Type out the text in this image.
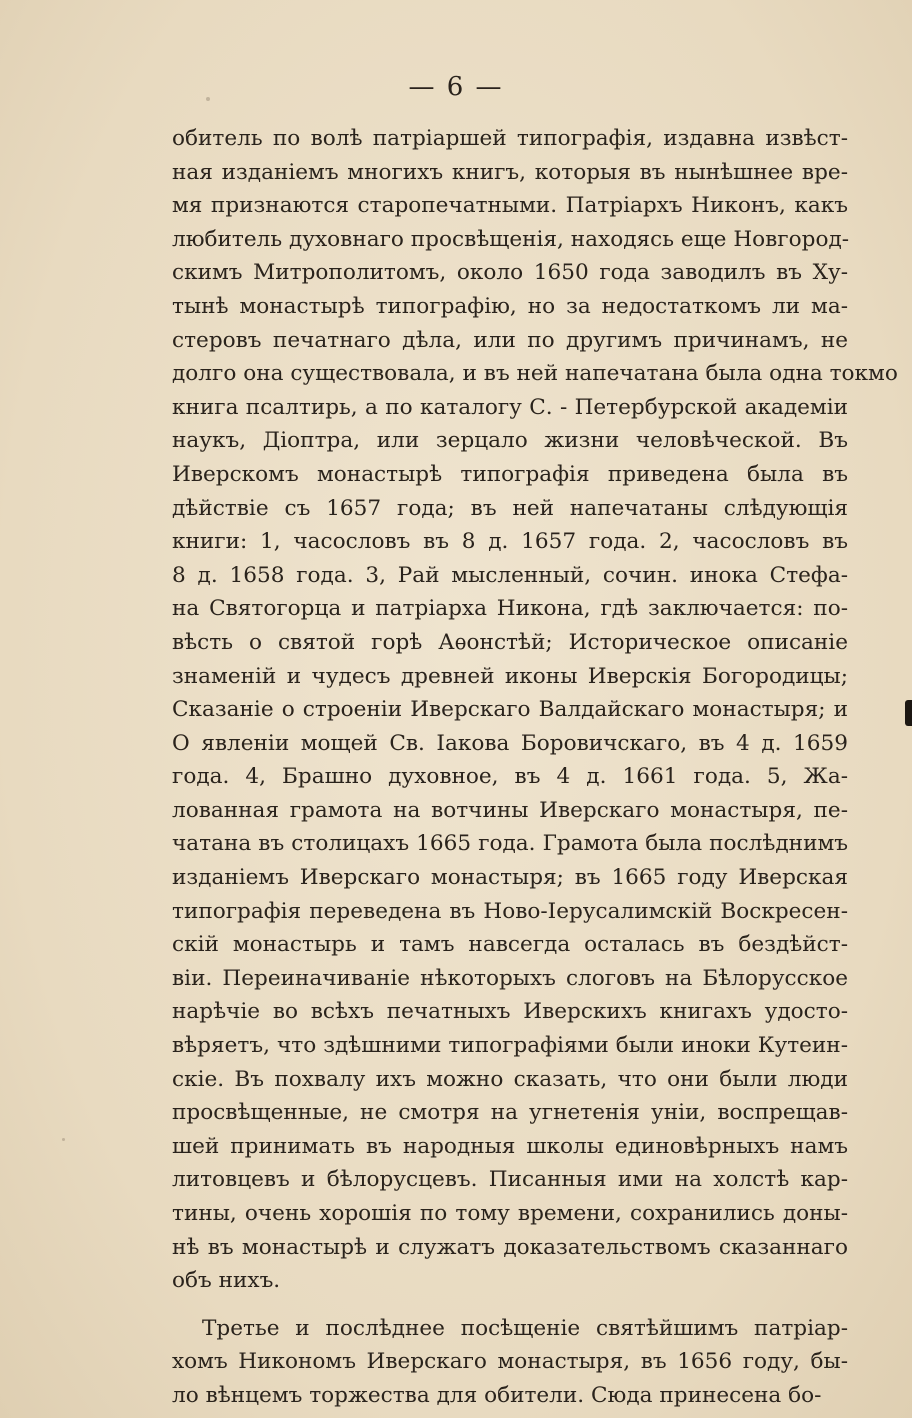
— 6 —
обитель по волѣ патріаршей типографія, издавна извѣст-
ная изданіемъ многихъ книгъ, которыя въ нынѣшнее вре-
мя признаются старопечатными. Патріархъ Никонъ, какъ
любитель духовнаго просвѣщенія, находясь еще Новгород-
скимъ Митрополитомъ, около 1650 года заводилъ въ Ху-
тынѣ монастырѣ типографію, но за недостаткомъ ли ма-
стеровъ печатнаго дѣла, или по другимъ причинамъ, не
долго она существовала, и въ ней напечатана была одна токмо
книга псалтирь, а по каталогу С. - Петербурской академіи
наукъ, Діоптра, или зерцало жизни человѣческой. Въ
Иверскомъ монастырѣ типографія приведена была въ
дѣйствіе съ 1657 года; въ ней напечатаны слѣдующія
книги: 1, часословъ въ 8 д. 1657 года. 2, часословъ въ
8 д. 1658 года. 3, Рай мысленный, сочин. инока Стефа-
на Святогорца и патріарха Никона, гдѣ заключается: по-
вѣсть о святой горѣ Аѳонстѣй; Историческое описаніе
знаменій и чудесъ древней иконы Иверскія Богородицы;
Сказаніе о строеніи Иверскаго Валдайскаго монастыря; и
О явленіи мощей Св. Іакова Боровичскаго, въ 4 д. 1659
года. 4, Брашно духовное, въ 4 д. 1661 года. 5, Жа-
лованная грамота на вотчины Иверскаго монастыря, пе-
чатана въ столицахъ 1665 года. Грамота была послѣднимъ
изданіемъ Иверскаго монастыря; въ 1665 году Иверская
типографія переведена въ Ново-Іерусалимскій Воскресен-
скій монастырь и тамъ навсегда осталась въ бездѣйст-
віи. Переиначиваніе нѣкоторыхъ слоговъ на Бѣлорусское
нарѣчіе во всѣхъ печатныхъ Иверскихъ книгахъ удосто-
вѣряетъ, что здѣшними типографіями были иноки Кутеин-
скіе. Въ похвалу ихъ можно сказать, что они были люди
просвѣщенные, не смотря на угнетенія уніи, воспрещав-
шей принимать въ народныя школы единовѣрныхъ намъ
литовцевъ и бѣлорусцевъ. Писанныя ими на холстѣ кар-
тины, очень хорошія по тому времени, сохранились доны-
нѣ въ монастырѣ и служатъ доказательствомъ сказаннаго
объ нихъ.
Третье и послѣднее посѣщеніе святѣйшимъ патріар-
хомъ Никономъ Иверскаго монастыря, въ 1656 году, бы-
ло вѣнцемъ торжества для обители. Сюда принесена бо-
